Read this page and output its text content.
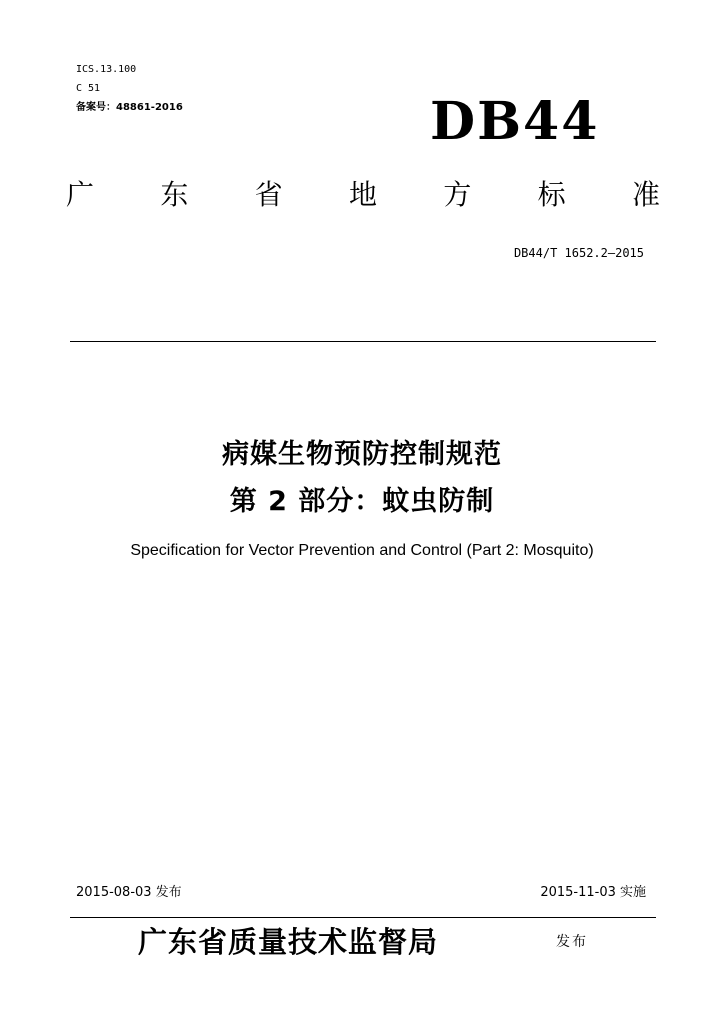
ICS.13.100
C 51
备案号：48861-2016	DB44
广 东 省 地 方 标 准
DB44/T 1652.2—2015
病媒生物预防控制规范
第 2 部分：蚊虫防制
Specification for Vector Prevention and Control (Part 2: Mosquito)
2015-08-03 发布	2015-11-03 实施
广东省质量技术监督局	发布
